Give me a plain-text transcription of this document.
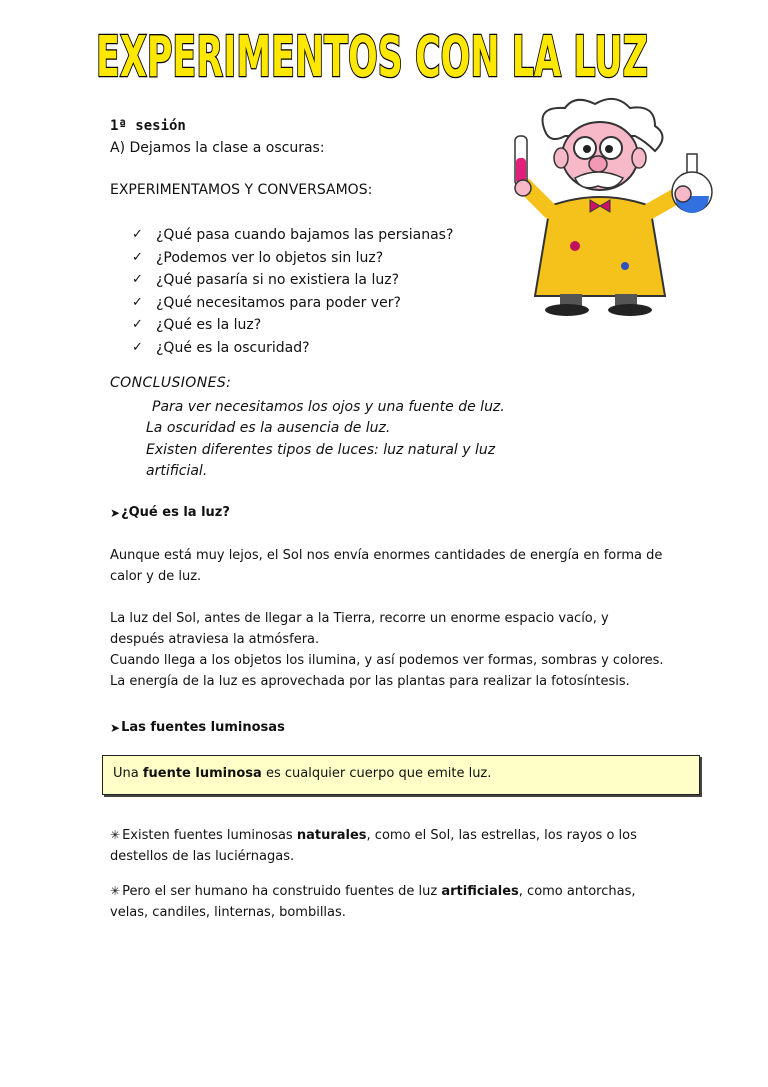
EXPERIMENTOS CON LA LUZ
1ª sesión
A) Dejamos la clase a oscuras:
EXPERIMENTAMOS Y CONVERSAMOS:
✓ ¿Qué pasa cuando bajamos las persianas?
✓ ¿Podemos ver lo objetos sin luz?
✓ ¿Qué pasaría si no existiera la luz?
✓ ¿Qué necesitamos para poder ver?
✓ ¿Qué es la luz?
✓ ¿Qué es la oscuridad?
CONCLUSIONES:
Para ver necesitamos los ojos y una fuente de luz.
La oscuridad es la ausencia de luz.
Existen diferentes tipos de luces: luz natural y luz
artificial.
➤ ¿Qué es la luz?
Aunque está muy lejos, el Sol nos envía enormes cantidades de energía en forma de calor y de luz.
La luz del Sol, antes de llegar a la Tierra, recorre un enorme espacio vacío, y
después atraviesa la atmósfera.
Cuando llega a los objetos los ilumina, y así podemos ver formas, sombras y colores.
La energía de la luz es aprovechada por las plantas para realizar la fotosíntesis.
➤ Las fuentes luminosas
Una fuente luminosa es cualquier cuerpo que emite luz.
✳ Existen fuentes luminosas naturales, como el Sol, las estrellas, los rayos o los destellos de las luciérnagas.
✳ Pero el ser humano ha construido fuentes de luz artificiales, como antorchas, velas, candiles, linternas, bombillas.
